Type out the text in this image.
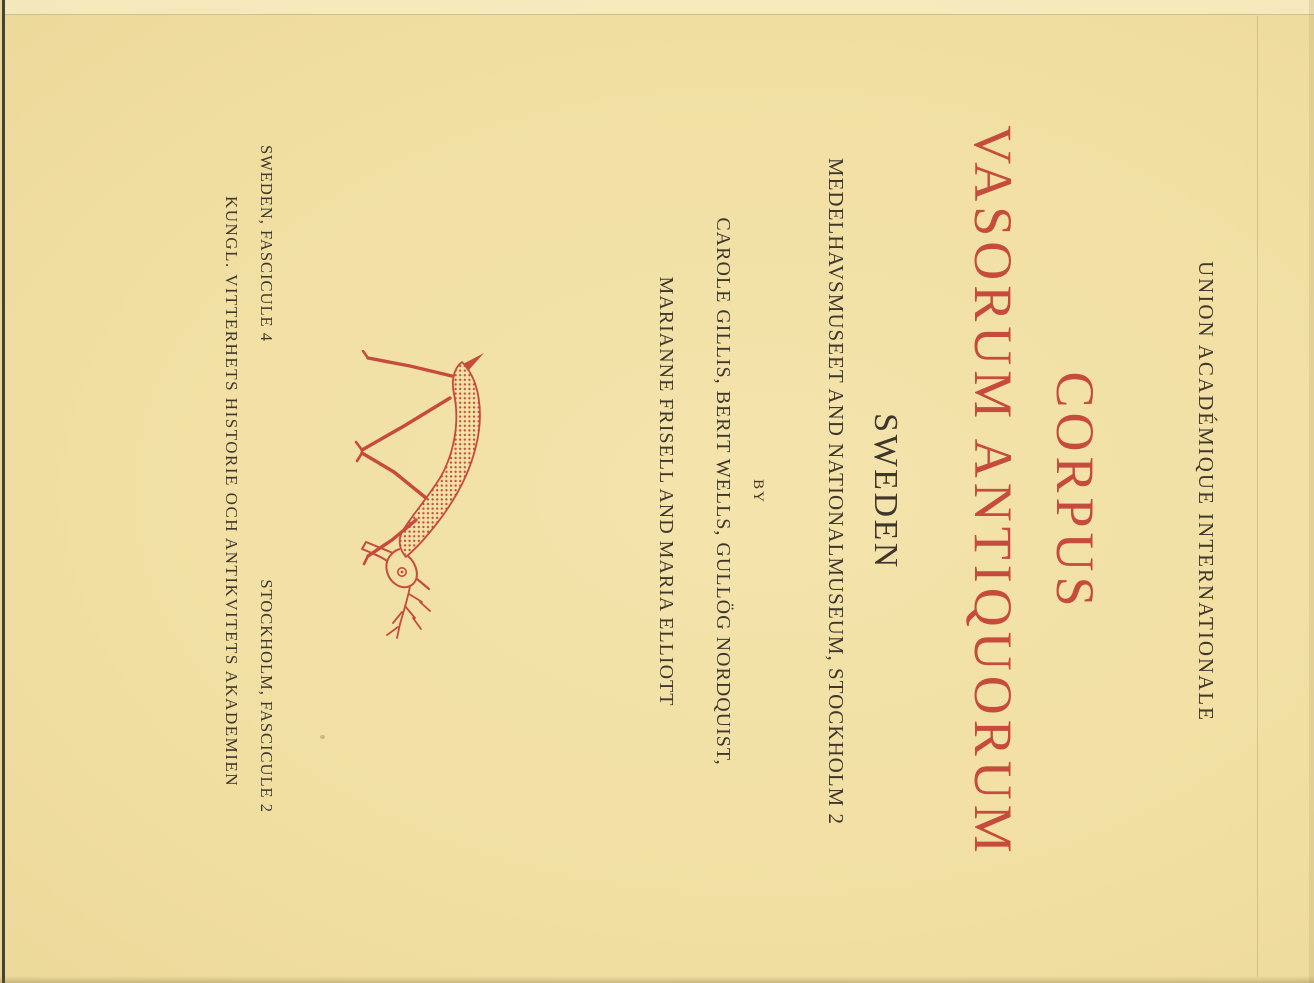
UNION ACADÉMIQUE INTERNATIONALE
CORPUS
VASORUM ANTIQUORUM
SWEDEN
MEDELHAVSMUSEET AND NATIONALMUSEUM, STOCKHOLM 2
BY
CAROLE GILLIS, BERIT WELLS, GULLÖG NORDQUIST,
MARIANNE FRISELL AND MARIA ELLIOTT
SWEDEN, FASCICULE 4
STOCKHOLM, FASCICULE 2
KUNGL. VITTERHETS HISTORIE OCH ANTIKVITETS AKADEMIEN
